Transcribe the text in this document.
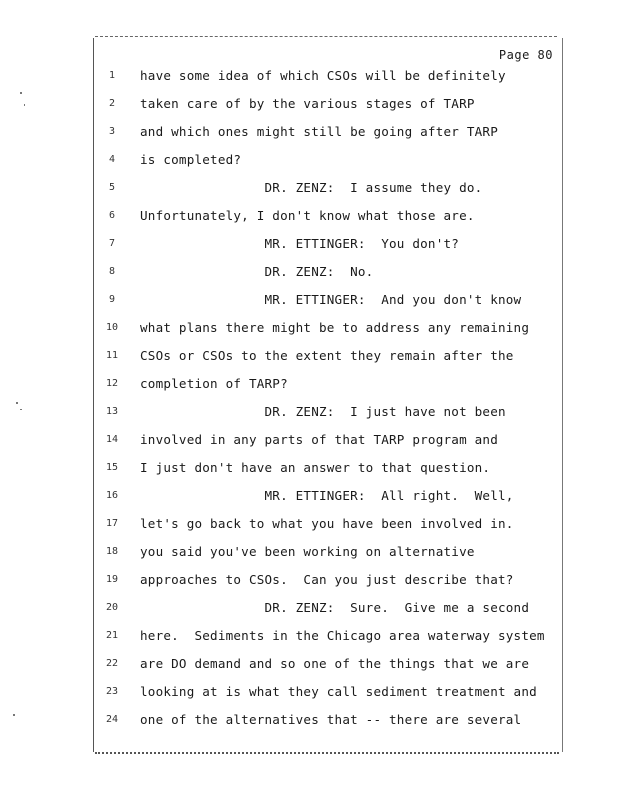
Page 80
1	have some idea of which CSOs will be definitely
2	taken care of by the various stages of TARP
3	and which ones might still be going after TARP
4	is completed?
5	DR. ZENZ:  I assume they do.
6	Unfortunately, I don't know what those are.
7	MR. ETTINGER:  You don't?
8	DR. ZENZ:  No.
9	MR. ETTINGER:  And you don't know
10	what plans there might be to address any remaining
11	CSOs or CSOs to the extent they remain after the
12	completion of TARP?
13	DR. ZENZ:  I just have not been
14	involved in any parts of that TARP program and
15	I just don't have an answer to that question.
16	MR. ETTINGER:  All right.  Well,
17	let's go back to what you have been involved in.
18	you said you've been working on alternative
19	approaches to CSOs.  Can you just describe that?
20	DR. ZENZ:  Sure.  Give me a second
21	here.  Sediments in the Chicago area waterway system
22	are DO demand and so one of the things that we are
23	looking at is what they call sediment treatment and
24	one of the alternatives that -- there are several
